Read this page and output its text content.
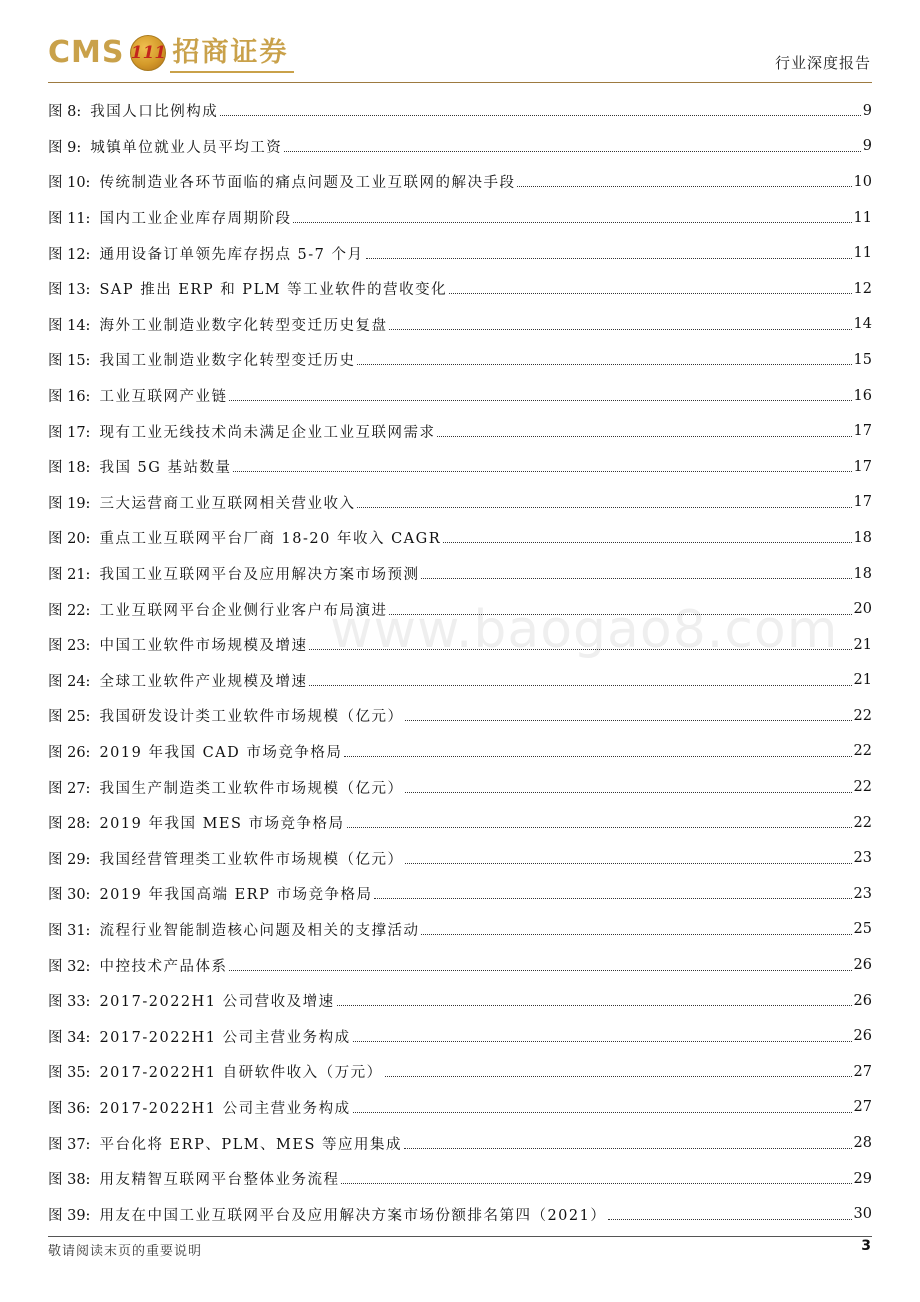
CMS 111 招商证券	行业深度报告
www.baogao8.com
图 8: 我国人口比例构成	9
图 9: 城镇单位就业人员平均工资	9
图 10: 传统制造业各环节面临的痛点问题及工业互联网的解决手段	10
图 11: 国内工业企业库存周期阶段	11
图 12: 通用设备订单领先库存拐点 5-7 个月	11
图 13: SAP 推出 ERP 和 PLM 等工业软件的营收变化	12
图 14: 海外工业制造业数字化转型变迁历史复盘	14
图 15: 我国工业制造业数字化转型变迁历史	15
图 16: 工业互联网产业链	16
图 17: 现有工业无线技术尚未满足企业工业互联网需求	17
图 18: 我国 5G 基站数量	17
图 19: 三大运营商工业互联网相关营业收入	17
图 20: 重点工业互联网平台厂商 18-20 年收入 CAGR	18
图 21: 我国工业互联网平台及应用解决方案市场预测	18
图 22: 工业互联网平台企业侧行业客户布局演进	20
图 23: 中国工业软件市场规模及增速	21
图 24: 全球工业软件产业规模及增速	21
图 25: 我国研发设计类工业软件市场规模（亿元）	22
图 26: 2019 年我国 CAD 市场竞争格局	22
图 27: 我国生产制造类工业软件市场规模（亿元）	22
图 28: 2019 年我国 MES 市场竞争格局	22
图 29: 我国经营管理类工业软件市场规模（亿元）	23
图 30: 2019 年我国高端 ERP 市场竞争格局	23
图 31: 流程行业智能制造核心问题及相关的支撑活动	25
图 32: 中控技术产品体系	26
图 33: 2017-2022H1 公司营收及增速	26
图 34: 2017-2022H1 公司主营业务构成	26
图 35: 2017-2022H1 自研软件收入（万元）	27
图 36: 2017-2022H1 公司主营业务构成	27
图 37: 平台化将 ERP、PLM、MES 等应用集成	28
图 38: 用友精智互联网平台整体业务流程	29
图 39: 用友在中国工业互联网平台及应用解决方案市场份额排名第四（2021）	30
敬请阅读末页的重要说明	3
